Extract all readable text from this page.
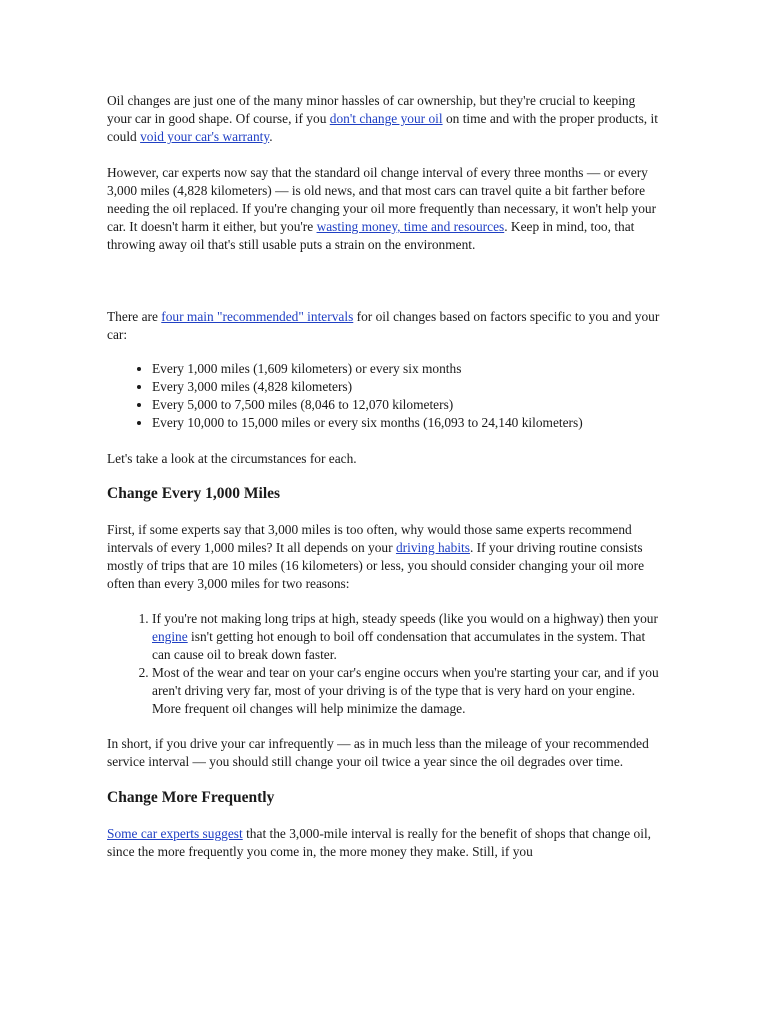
Oil changes are just one of the many minor hassles of car ownership, but they're crucial to keeping your car in good shape. Of course, if you don't change your oil on time and with the proper products, it could void your car's warranty.

However, car experts now say that the standard oil change interval of every three months — or every 3,000 miles (4,828 kilometers) — is old news, and that most cars can travel quite a bit farther before needing the oil replaced. If you're changing your oil more frequently than necessary, it won't help your car. It doesn't harm it either, but you're wasting money, time and resources. Keep in mind, too, that throwing away oil that's still usable puts a strain on the environment.

There are four main "recommended" intervals for oil changes based on factors specific to you and your car:

• Every 1,000 miles (1,609 kilometers) or every six months
• Every 3,000 miles (4,828 kilometers)
• Every 5,000 to 7,500 miles (8,046 to 12,070 kilometers)
• Every 10,000 to 15,000 miles or every six months (16,093 to 24,140 kilometers)

Let's take a look at the circumstances for each.

Change Every 1,000 Miles

First, if some experts say that 3,000 miles is too often, why would those same experts recommend intervals of every 1,000 miles? It all depends on your driving habits. If your driving routine consists mostly of trips that are 10 miles (16 kilometers) or less, you should consider changing your oil more often than every 3,000 miles for two reasons:

1. If you're not making long trips at high, steady speeds (like you would on a highway) then your engine isn't getting hot enough to boil off condensation that accumulates in the system. That can cause oil to break down faster.
2. Most of the wear and tear on your car's engine occurs when you're starting your car, and if you aren't driving very far, most of your driving is of the type that is very hard on your engine. More frequent oil changes will help minimize the damage.

In short, if you drive your car infrequently — as in much less than the mileage of your recommended service interval — you should still change your oil twice a year since the oil degrades over time.

Change More Frequently

Some car experts suggest that the 3,000-mile interval is really for the benefit of shops that change oil, since the more frequently you come in, the more money they make. Still, if you
